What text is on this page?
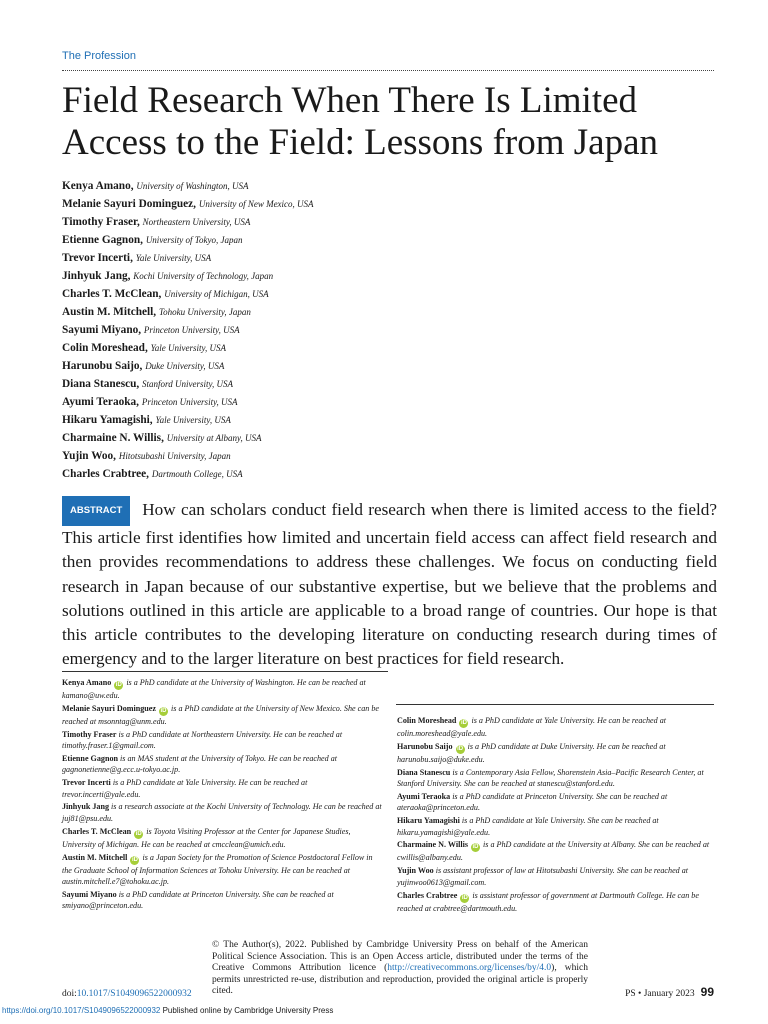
The Profession
Field Research When There Is Limited Access to the Field: Lessons from Japan
Kenya Amano, University of Washington, USA
Melanie Sayuri Dominguez, University of New Mexico, USA
Timothy Fraser, Northeastern University, USA
Etienne Gagnon, University of Tokyo, Japan
Trevor Incerti, Yale University, USA
Jinhyuk Jang, Kochi University of Technology, Japan
Charles T. McClean, University of Michigan, USA
Austin M. Mitchell, Tohoku University, Japan
Sayumi Miyano, Princeton University, USA
Colin Moreshead, Yale University, USA
Harunobu Saijo, Duke University, USA
Diana Stanescu, Stanford University, USA
Ayumi Teraoka, Princeton University, USA
Hikaru Yamagishi, Yale University, USA
Charmaine N. Willis, University at Albany, USA
Yujin Woo, Hitotsubashi University, Japan
Charles Crabtree, Dartmouth College, USA
ABSTRACT How can scholars conduct field research when there is limited access to the field? This article first identifies how limited and uncertain field access can affect field research and then provides recommendations to address these challenges. We focus on conducting field research in Japan because of our substantive expertise, but we believe that the problems and solutions outlined in this article are applicable to a broad range of countries. Our hope is that this article contributes to the developing literature on conducting research during times of emergency and to the larger literature on best practices for field research.

Kenya Amano iD is a PhD candidate at the University of Washington. He can be reached at kamano@uw.edu.

Melanie Sayuri Dominguez iD is a PhD candidate at the University of New Mexico. She can be reached at msonntag@unm.edu.

Timothy Fraser is a PhD candidate at Northeastern University. He can be reached at timothy.fraser.1@gmail.com.

Etienne Gagnon is an MAS student at the University of Tokyo. He can be reached at gagnonetienne@g.ecc.u-tokyo.ac.jp.

Trevor Incerti is a PhD candidate at Yale University. He can be reached at trevor.incerti@yale.edu.

Jinhyuk Jang is a research associate at the Kochi University of Technology. He can be reached at juj81@psu.edu.

Charles T. McClean iD is Toyota Visiting Professor at the Center for Japanese Studies, University of Michigan. He can be reached at cmcclean@umich.edu.

Austin M. Mitchell iD is a Japan Society for the Promotion of Science Postdoctoral Fellow in the Graduate School of Information Sciences at Tohoku University. He can be reached at austin.mitchell.e7@tohoku.ac.jp.

Sayumi Miyano is a PhD candidate at Princeton University. She can be reached at smiyano@princeton.edu.

Colin Moreshead iD is a PhD candidate at Yale University. He can be reached at colin.moreshead@yale.edu.

Harunobu Saijo iD is a PhD candidate at Duke University. He can be reached at harunobu.saijo@duke.edu.

Diana Stanescu is a Contemporary Asia Fellow, Shorenstein Asia–Pacific Research Center, at Stanford University. She can be reached at stanescu@stanford.edu.

Ayumi Teraoka is a PhD candidate at Princeton University. She can be reached at ateraoka@princeton.edu.

Hikaru Yamagishi is a PhD candidate at Yale University. She can be reached at hikaru.yamagishi@yale.edu.

Charmaine N. Willis iD is a PhD candidate at the University at Albany. She can be reached at cwillis@albany.edu.

Yujin Woo is assistant professor of law at Hitotsubashi University. She can be reached at yujinwoo0613@gmail.com.

Charles Crabtree iD is assistant professor of government at Dartmouth College. He can be reached at crabtree@dartmouth.edu.

© The Author(s), 2022. Published by Cambridge University Press on behalf of the American Political Science Association. This is an Open Access article, distributed under the terms of the Creative Commons Attribution licence (http://creativecommons.org/licenses/by/4.0), which permits unrestricted re-use, distribution and reproduction, provided the original article is properly cited.
doi:10.1017/S1049096522000932	PS • January 2023 99
https://doi.org/10.1017/S1049096522000932 Published online by Cambridge University Press
